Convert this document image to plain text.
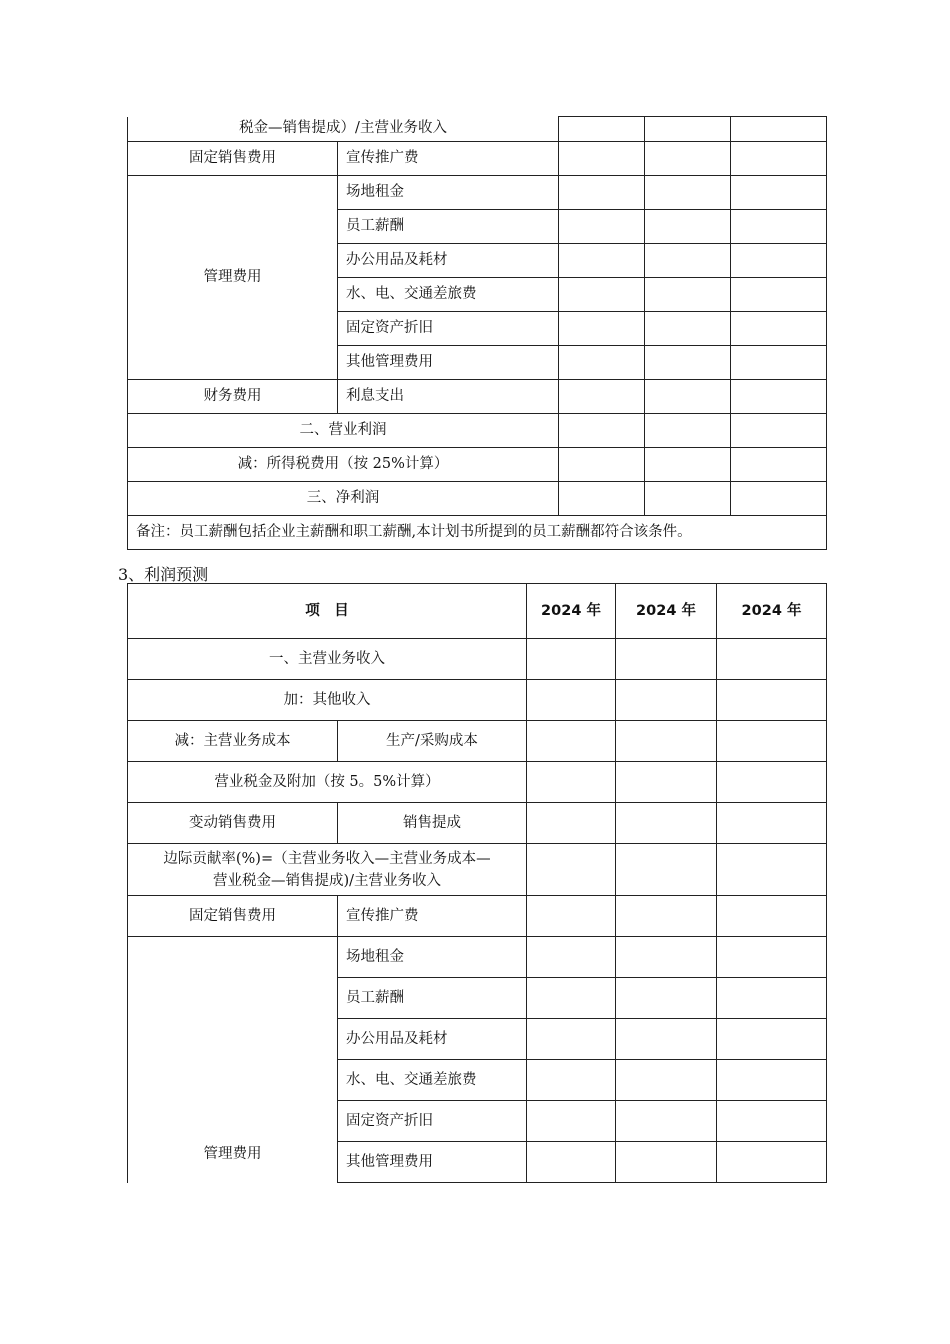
税金—销售提成）/主营业务收入				
固定销售费用	宣传推广费			
管理费用	场地租金			
	员工薪酬			
	办公用品及耗材			
	水、电、交通差旅费			
	固定资产折旧			
	其他管理费用			
财务费用	利息支出			
二、营业利润				
减：所得税费用（按 25%计算）				
三、净利润				
备注：员工薪酬包括企业主薪酬和职工薪酬,本计划书所提到的员工薪酬都符合该条件。				
3、利润预测
项　目		2024 年	2024 年	2024 年
一、主营业务收入				
加：其他收入				
减：主营业务成本	生产/采购成本			
营业税金及附加（按 5。5%计算）				
变动销售费用	销售提成			

边际贡献率(%)=（主营业务收入—主营业务成本—
营业税金—销售提成)/主营业务收入				

固定销售费用	宣传推广费			
管理费用	场地租金			
	员工薪酬			
	办公用品及耗材			
	水、电、交通差旅费			
	固定资产折旧			
	其他管理费用			
